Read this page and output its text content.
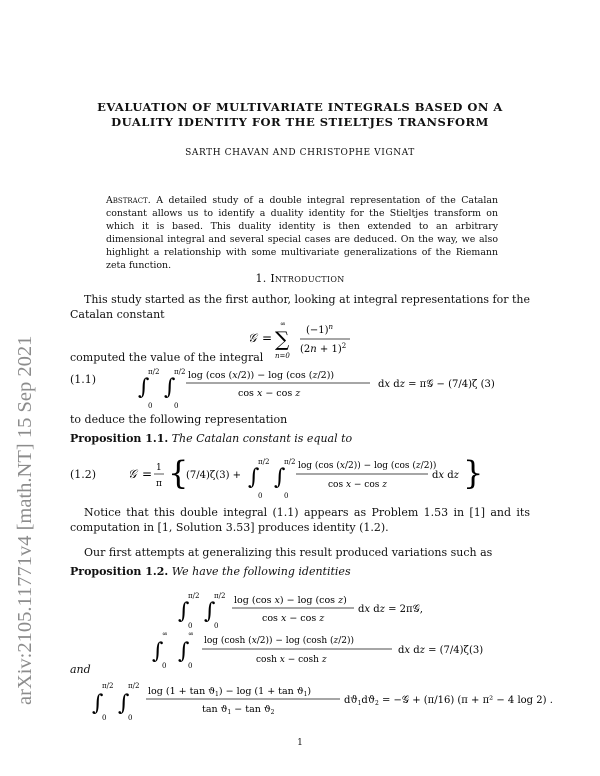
EVALUATION OF MULTIVARIATE INTEGRALS BASED ON A
DUALITY IDENTITY FOR THE STIELTJES TRANSFORM
SARTH CHAVAN AND CHRISTOPHE VIGNAT
arXiv:2105.11771v4 [math.NT] 15 Sep 2021
Abstract. A detailed study of a double integral representation of the Catalan constant allows us to identify a duality identity for the Stieltjes transform on which it is based. This duality identity is then extended to an arbitrary dimensional integral and several special cases are deduced. On the way, we also highlight a relationship with some multivariate generalizations of the Riemann zeta function.
1. Introduction
This study started as the first author, looking at integral representations for the Catalan constant
𝒢 = ∑
∞
n=0
$(-1)^n$
$(2n + 1)^2$
computed the value of the integral
(1.1) ∫
π/2
0
∫
π/2
0
log (cos (x/2)) − log (cos (z/2))
cos x − cos z
dx dz = π𝒢 − (7/4)ζ (3)
to deduce the following representation
Proposition 1.1. The Catalan constant is equal to
(1.2)	𝒢 = 1
π {
(7/4)ζ(3) + ∫
π/2
0
∫
π/2
0
log (cos (x/2)) − log (cos (z/2))
cos x − cos z
dx dz }
Notice that this double integral (1.1) appears as Problem 1.53 in [1] and its computation in [1, Solution 3.53] produces identity (1.2).
Our first attempts at generalizing this result produced variations such as
Proposition 1.2. We have the following identities
∫
π/2
0
∫
π/2
0
log (cos x) − log (cos z)
cos x − cos z
dx dz = 2π𝒢,
∫
∞
0
∫
∞
0
log (cosh (x/2)) − log (cosh (z/2))
cosh x − cosh z
dx dz = (7/4)ζ(3)
and
∫
π/2
0
∫
π/2
0
$\log (1 + \tan ϑ_1) - \log (1 + \tan ϑ_1)$
$\tan ϑ_1 - \tan ϑ_2$
$dϑ_1dϑ_2$ = −𝒢 + (π/16) (π + π² − 4 log 2) .
1
